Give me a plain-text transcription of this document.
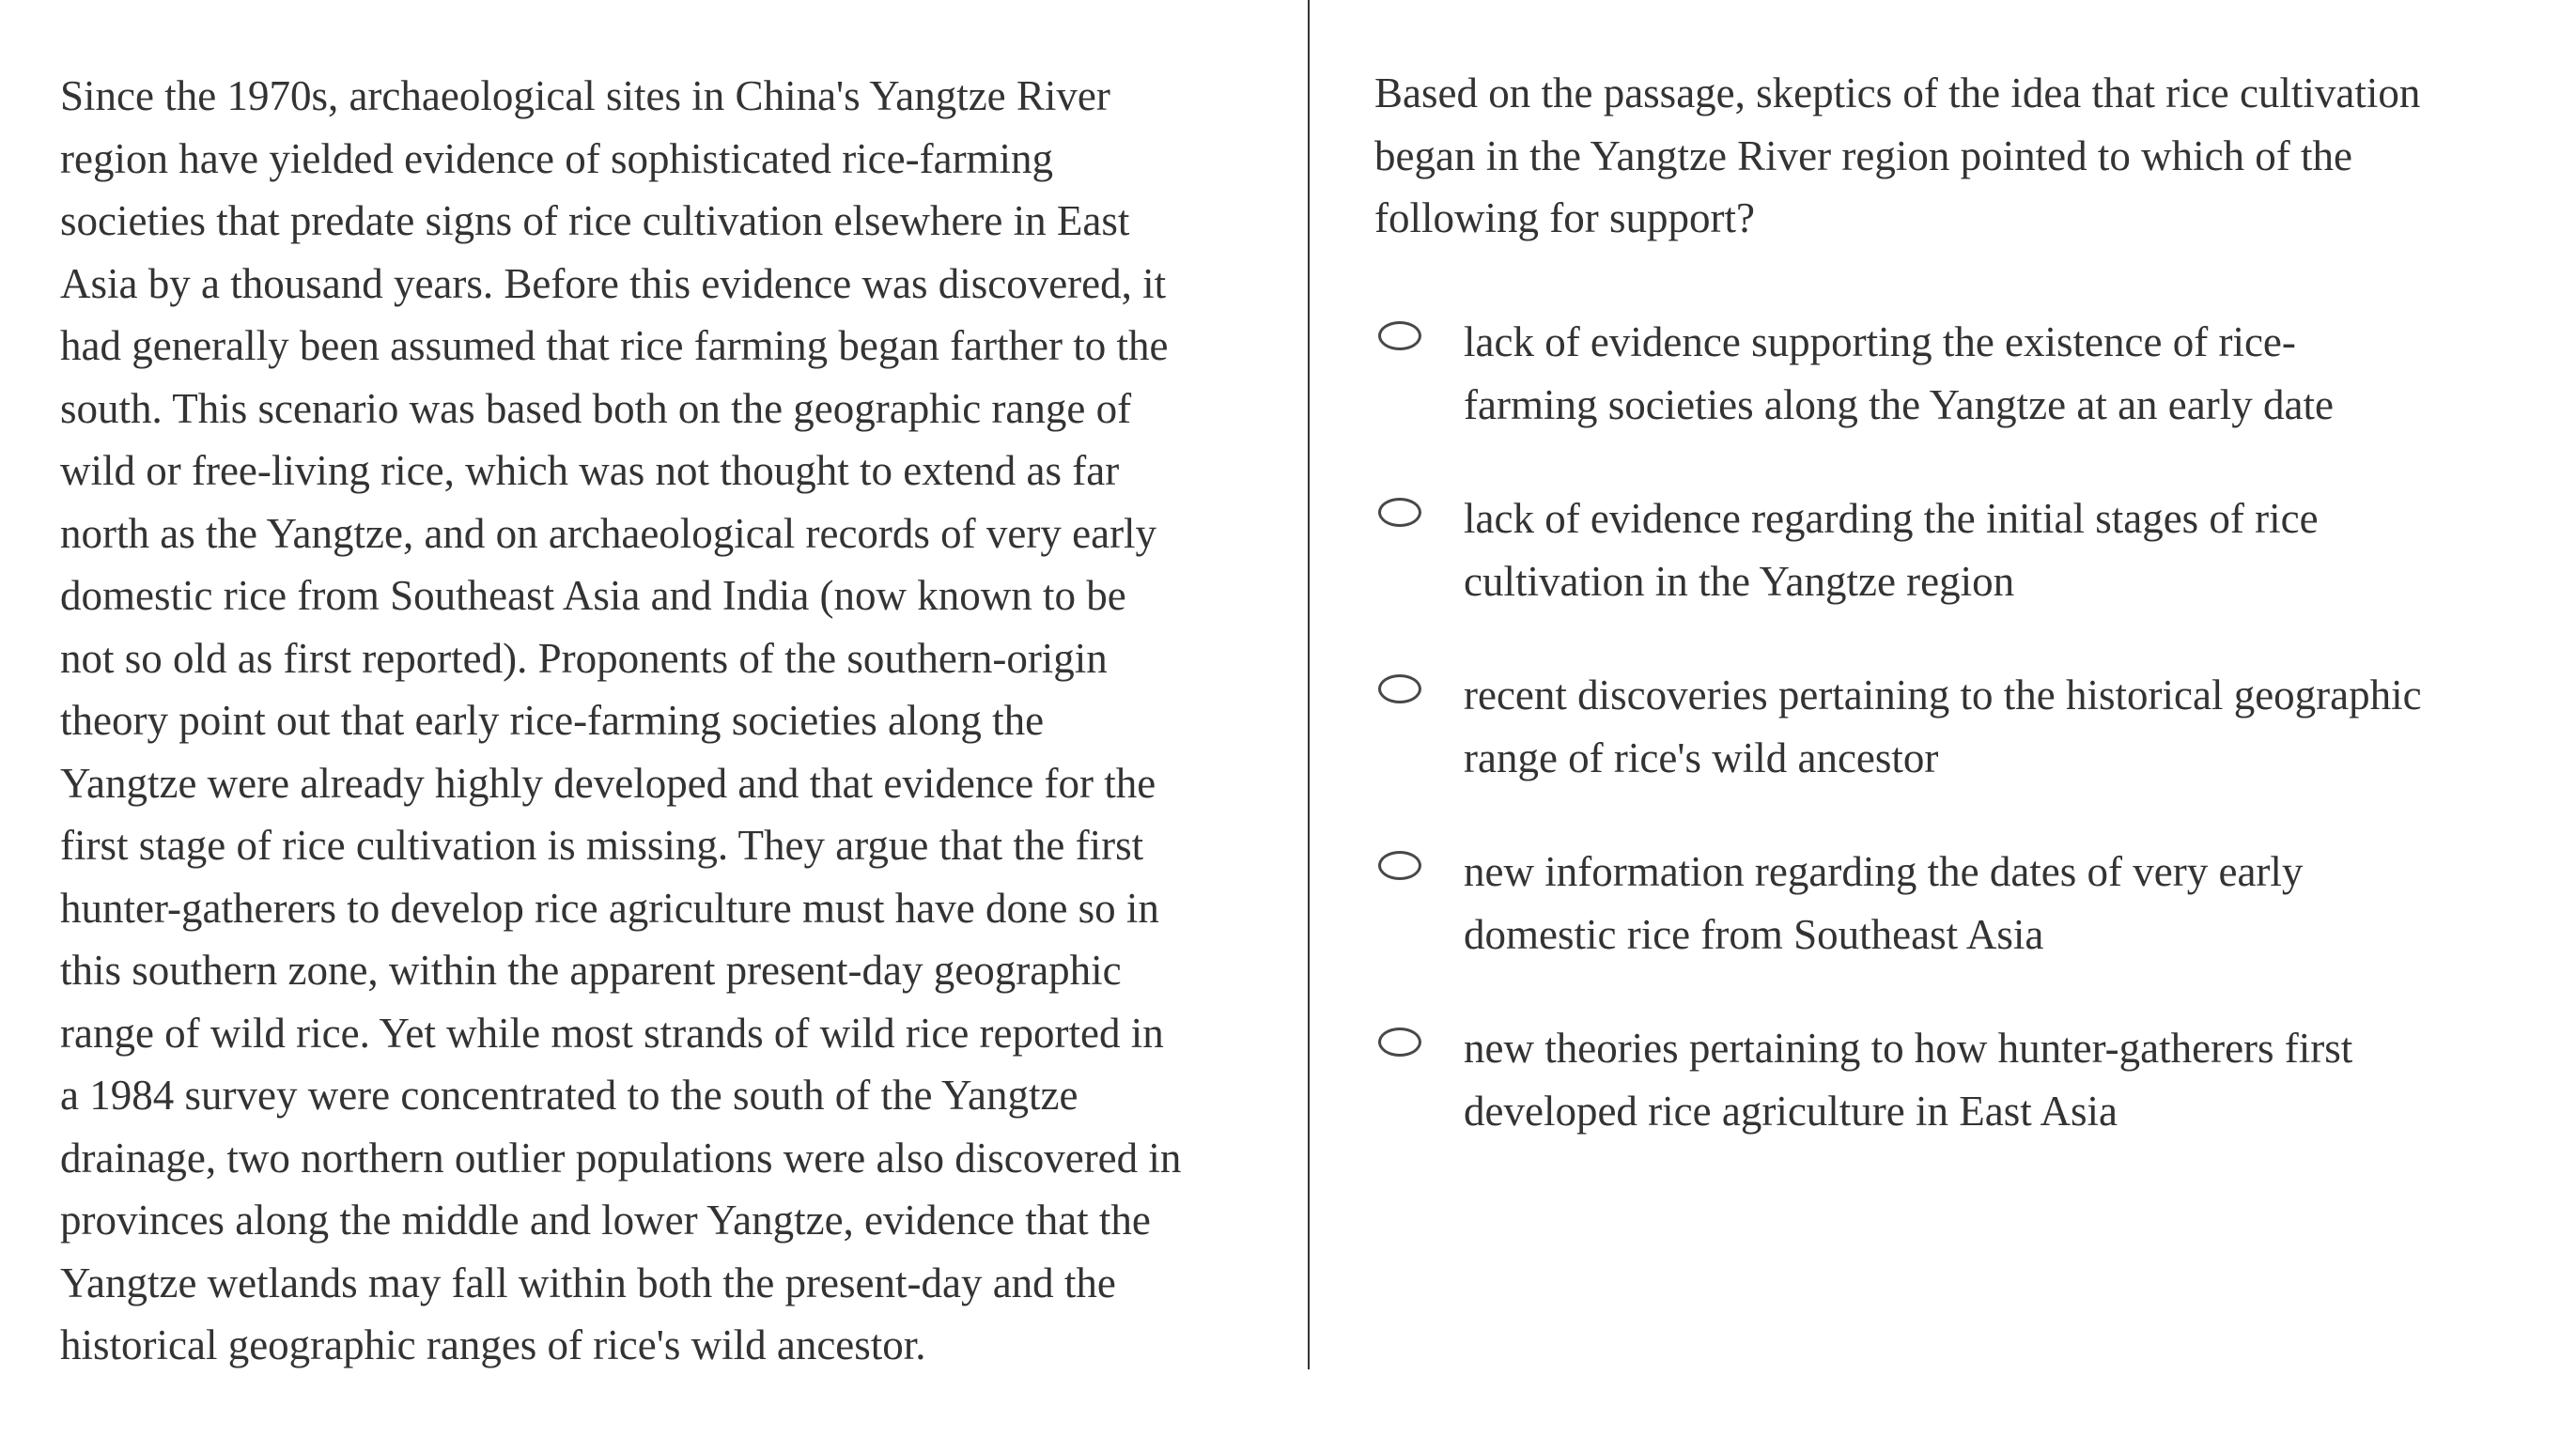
Since the 1970s, archaeological sites in China's Yangtze River
region have yielded evidence of sophisticated rice-farming
societies that predate signs of rice cultivation elsewhere in East
Asia by a thousand years. Before this evidence was discovered, it
had generally been assumed that rice farming began farther to the
south. This scenario was based both on the geographic range of
wild or free-living rice, which was not thought to extend as far
north as the Yangtze, and on archaeological records of very early
domestic rice from Southeast Asia and India (now known to be
not so old as first reported). Proponents of the southern-origin
theory point out that early rice-farming societies along the
Yangtze were already highly developed and that evidence for the
first stage of rice cultivation is missing. They argue that the first
hunter-gatherers to develop rice agriculture must have done so in
this southern zone, within the apparent present-day geographic
range of wild rice. Yet while most strands of wild rice reported in
a 1984 survey were concentrated to the south of the Yangtze
drainage, two northern outlier populations were also discovered in
provinces along the middle and lower Yangtze, evidence that the
Yangtze wetlands may fall within both the present-day and the
historical geographic ranges of rice's wild ancestor.
Based on the passage, skeptics of the idea that rice cultivation
began in the Yangtze River region pointed to which of the
following for support?
lack of evidence supporting the existence of rice-
farming societies along the Yangtze at an early date
lack of evidence regarding the initial stages of rice
cultivation in the Yangtze region
recent discoveries pertaining to the historical geographic
range of rice's wild ancestor
new information regarding the dates of very early
domestic rice from Southeast Asia
new theories pertaining to how hunter-gatherers first
developed rice agriculture in East Asia
